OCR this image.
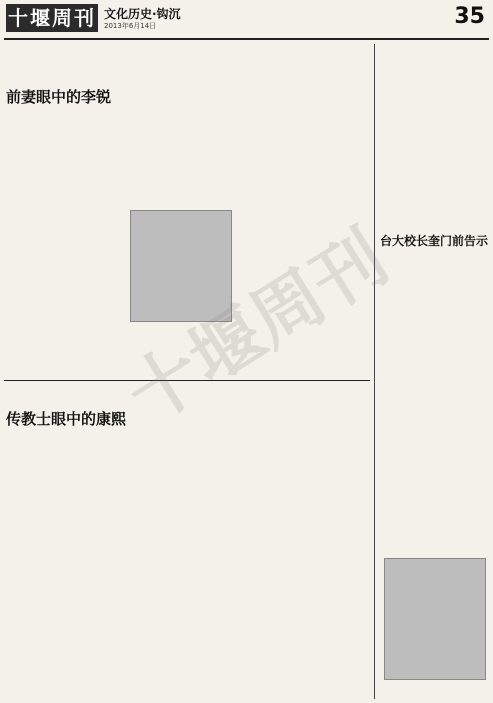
十堰周刊 文化历史·钩沉
2013年6月14日	35
前妻眼中的李锐

传教士眼中的康熙

台大校长奎门前告示

十堰周刊
